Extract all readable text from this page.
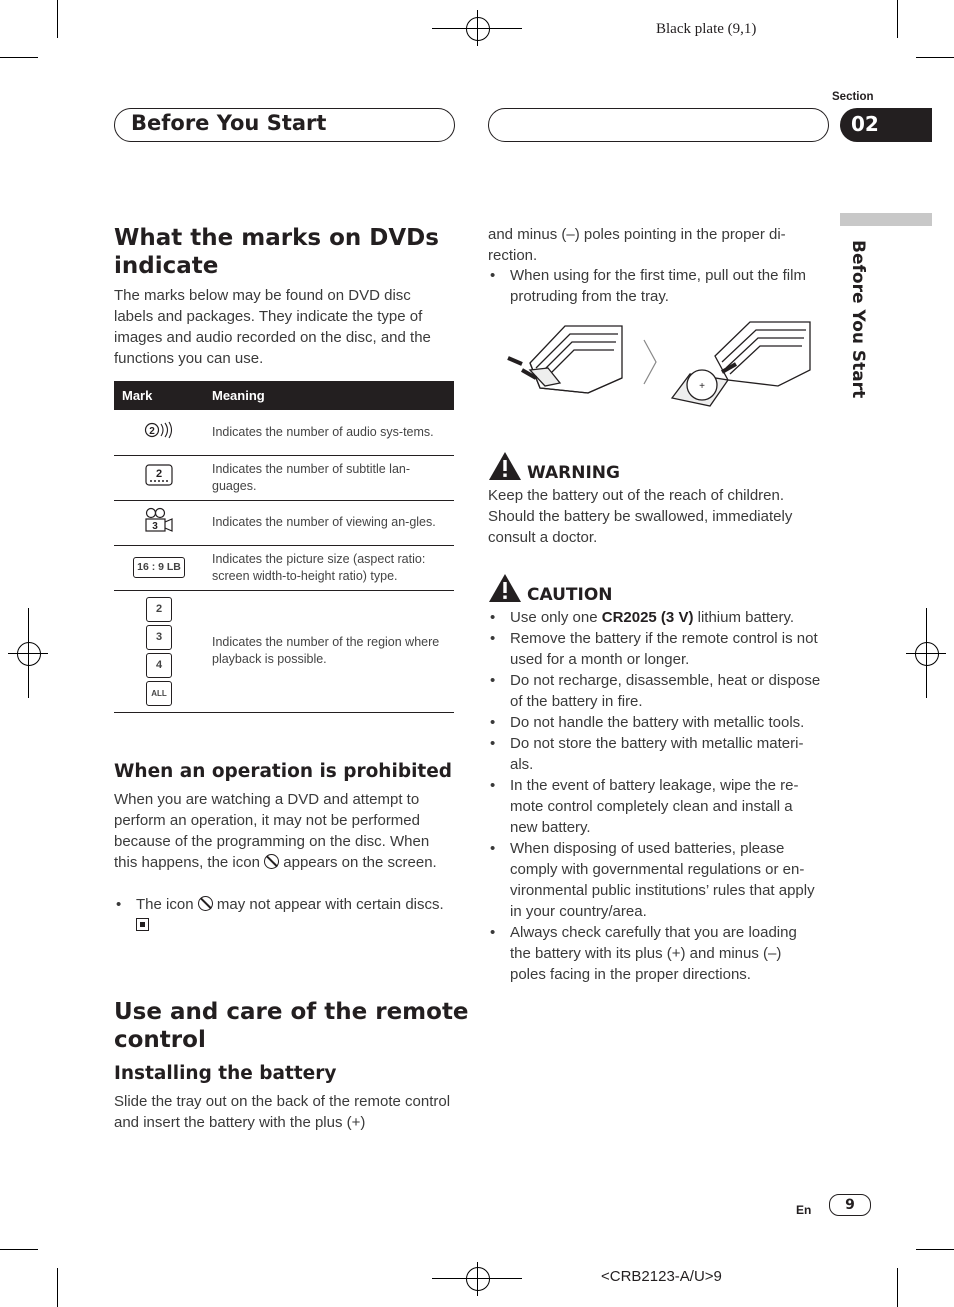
Black plate (9,1)
Before You Start
Section
02
Before You Start
What the marks on DVDs
indicate
The marks below may be found on DVD disc labels and packages. They indicate the type of images and audio recorded on the disc, and the functions you can use.
Mark	Meaning

2	Indicates the number of audio sys-tems.

2	Indicates the number of subtitle lan-guages.

3	Indicates the number of viewing an-gles.
16 : 9 LB	Indicates the picture size (aspect ratio: screen width-to-height ratio) type.

2
3
4
ALL	Indicates the number of the region where playback is possible.
When an operation is prohibited
When you are watching a DVD and attempt to perform an operation, it may not be performed because of the programming on the disc. When this happens, the icon appears on the screen.
• The icon may not appear with certain discs.
Use and care of the remote
control
Installing the battery
Slide the tray out on the back of the remote control and insert the battery with the plus (+)
and minus (–) poles pointing in the proper di-rection.
• When using for the first time, pull out the film protruding from the tray.
+
WARNING
Keep the battery out of the reach of children. Should the battery be swallowed, immediately consult a doctor.
CAUTION
• Use only one CR2025 (3 V) lithium battery.
• Remove the battery if the remote control is not used for a month or longer.
• Do not recharge, disassemble, heat or dispose of the battery in fire.
• Do not handle the battery with metallic tools.
• Do not store the battery with metallic materi-als.
• In the event of battery leakage, wipe the re-mote control completely clean and install a new battery.
• When disposing of used batteries, please comply with governmental regulations or en-vironmental public institutions’ rules that apply in your country/area.
• Always check carefully that you are loading the battery with its plus (+) and minus (–) poles facing in the proper directions.
En	9
<CRB2123-A/U>9
